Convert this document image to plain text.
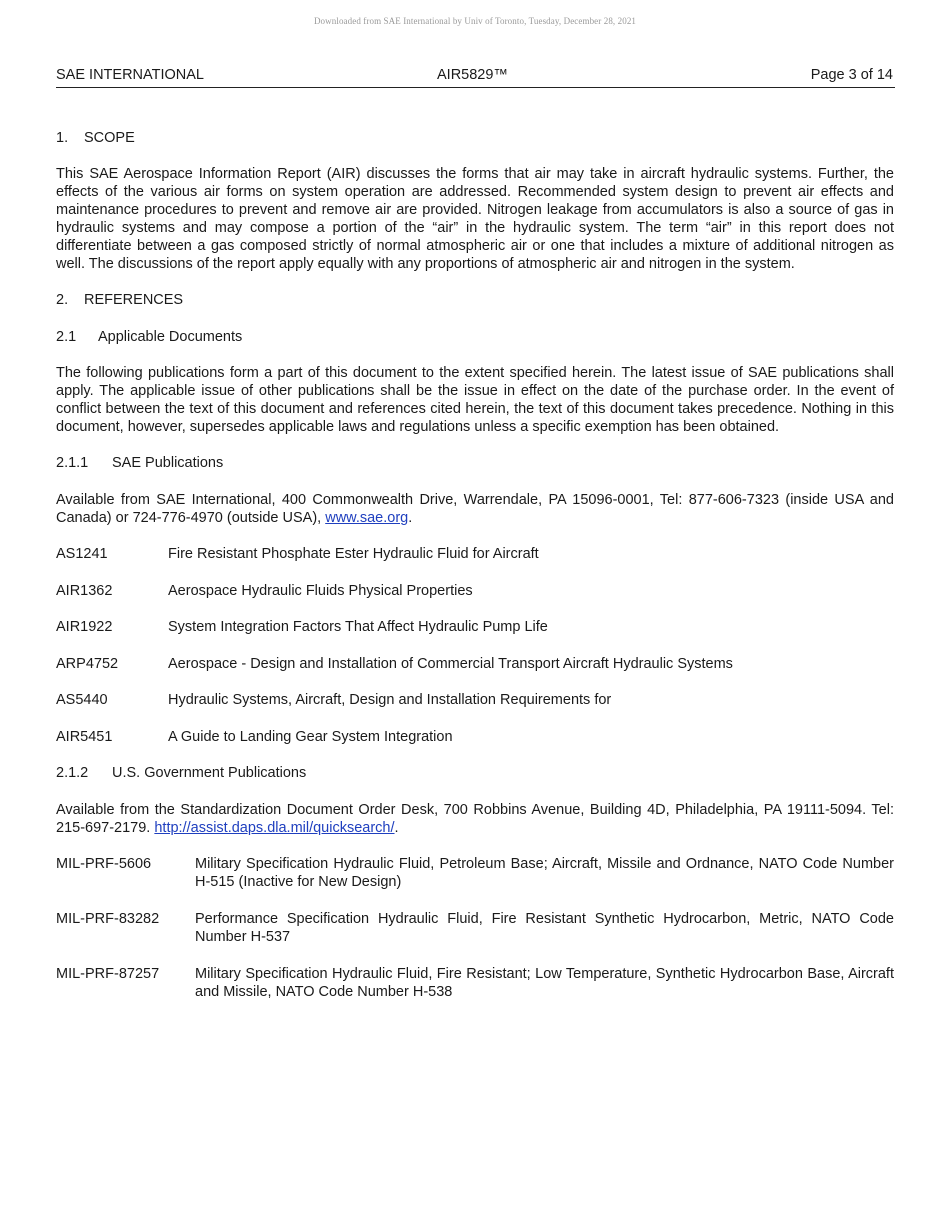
Downloaded from SAE International by Univ of Toronto, Tuesday, December 28, 2021
SAE INTERNATIONAL	AIR5829™	Page 3 of 14
1. SCOPE

This SAE Aerospace Information Report (AIR) discusses the forms that air may take in aircraft hydraulic systems. Further, the effects of the various air forms on system operation are addressed. Recommended system design to prevent air effects and maintenance procedures to prevent and remove air are provided. Nitrogen leakage from accumulators is also a source of gas in hydraulic systems and may compose a portion of the “air” in the hydraulic system. The term “air” in this report does not differentiate between a gas composed strictly of normal atmospheric air or one that includes a mixture of additional nitrogen as well. The discussions of the report apply equally with any proportions of atmospheric air and nitrogen in the system.

2. REFERENCES
2.1 Applicable Documents

The following publications form a part of this document to the extent specified herein. The latest issue of SAE publications shall apply. The applicable issue of other publications shall be the issue in effect on the date of the purchase order. In the event of conflict between the text of this document and references cited herein, the text of this document takes precedence. Nothing in this document, however, supersedes applicable laws and regulations unless a specific exemption has been obtained.

2.1.1 SAE Publications

Available from SAE International, 400 Commonwealth Drive, Warrendale, PA 15096-0001, Tel: 877-606-7323 (inside USA and Canada) or 724-776-4970 (outside USA), www.sae.org.

AS1241	Fire Resistant Phosphate Ester Hydraulic Fluid for Aircraft
AIR1362	Aerospace Hydraulic Fluids Physical Properties
AIR1922	System Integration Factors That Affect Hydraulic Pump Life
ARP4752	Aerospace - Design and Installation of Commercial Transport Aircraft Hydraulic Systems
AS5440	Hydraulic Systems, Aircraft, Design and Installation Requirements for
AIR5451	A Guide to Landing Gear System Integration
2.1.2 U.S. Government Publications

Available from the Standardization Document Order Desk, 700 Robbins Avenue, Building 4D, Philadelphia, PA 19111-5094. Tel: 215-697-2179. http://assist.daps.dla.mil/quicksearch/.

MIL-PRF-5606	Military Specification Hydraulic Fluid, Petroleum Base; Aircraft, Missile and Ordnance, NATO Code Number H-515 (Inactive for New Design)
MIL-PRF-83282	Performance Specification Hydraulic Fluid, Fire Resistant Synthetic Hydrocarbon, Metric, NATO Code Number H-537
MIL-PRF-87257	Military Specification Hydraulic Fluid, Fire Resistant; Low Temperature, Synthetic Hydrocarbon Base, Aircraft and Missile, NATO Code Number H-538
